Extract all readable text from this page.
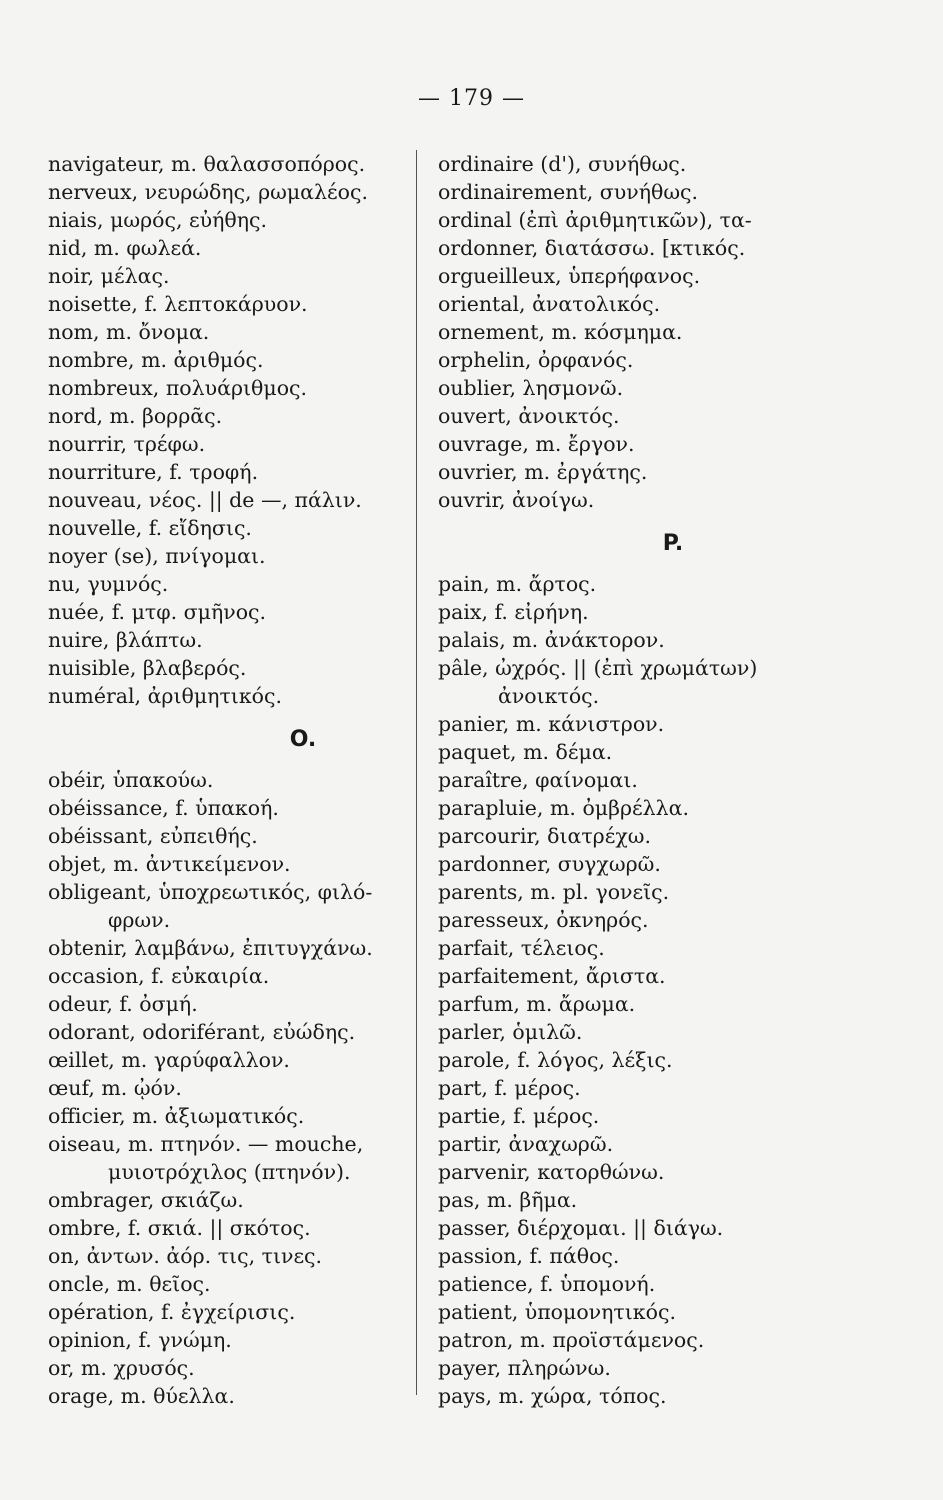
— 179 —
navigateur, m. θαλασσοπόρος.
nerveux, νευρώδης, ρωμαλέος.
niais, μωρός, εὐήθης.
nid, m. φωλεά.
noir, μέλας.
noisette, f. λεπτοκάρυον.
nom, m. ὄνομα.
nombre, m. ἀριθμός.
nombreux, πολυάριθμος.
nord, m. βορρᾶς.
nourrir, τρέφω.
nourriture, f. τροφή.
nouveau, νέος. || de —, πάλιν.
nouvelle, f. εἴδησις.
noyer (se), πνίγομαι.
nu, γυμνός.
nuée, f. μτφ. σμῆνος.
nuire, βλάπτω.
nuisible, βλαβερός.
numéral, ἀριθμητικός.
O.
obéir, ὑπακούω.
obéissance, f. ὑπακοή.
obéissant, εὐπειθής.
objet, m. ἀντικείμενον.
obligeant, ὑποχρεωτικός, φιλό-
φρων.
obtenir, λαμβάνω, ἐπιτυγχάνω.
occasion, f. εὐκαιρία.
odeur, f. ὀσμή.
odorant, odoriférant, εὐώδης.
œillet, m. γαρύφαλλον.
œuf, m. ᾠόν.
officier, m. ἀξιωματικός.
oiseau, m. πτηνόν. — mouche,
μυιοτρόχιλος (πτηνόν).
ombrager, σκιάζω.
ombre, f. σκιά. || σκότος.
on, ἀντων. ἀόρ. τις, τινες.
oncle, m. θεῖος.
opération, f. ἐγχείρισις.
opinion, f. γνώμη.
or, m. χρυσός.
orage, m. θύελλα.
ordinaire (d'), συνήθως.
ordinairement, συνήθως.
ordinal (ἐπὶ ἀριθμητικῶν), τα-
ordonner, διατάσσω. [κτικός.
orgueilleux, ὑπερήφανος.
oriental, ἀνατολικός.
ornement, m. κόσμημα.
orphelin, ὀρφανός.
oublier, λησμονῶ.
ouvert, ἀνοικτός.
ouvrage, m. ἔργον.
ouvrier, m. ἐργάτης.
ouvrir, ἀνοίγω.
P.
pain, m. ἄρτος.
paix, f. εἰρήνη.
palais, m. ἀνάκτορον.
pâle, ὠχρός. || (ἐπὶ χρωμάτων)
ἀνοικτός.
panier, m. κάνιστρον.
paquet, m. δέμα.
paraître, φαίνομαι.
parapluie, m. ὀμβρέλλα.
parcourir, διατρέχω.
pardonner, συγχωρῶ.
parents, m. pl. γονεῖς.
paresseux, ὀκνηρός.
parfait, τέλειος.
parfaitement, ἄριστα.
parfum, m. ἄρωμα.
parler, ὁμιλῶ.
parole, f. λόγος, λέξις.
part, f. μέρος.
partie, f. μέρος.
partir, ἀναχωρῶ.
parvenir, κατορθώνω.
pas, m. βῆμα.
passer, διέρχομαι. || διάγω.
passion, f. πάθος.
patience, f. ὑπομονή.
patient, ὑπομονητικός.
patron, m. προϊστάμενος.
payer, πληρώνω.
pays, m. χώρα, τόπος.
